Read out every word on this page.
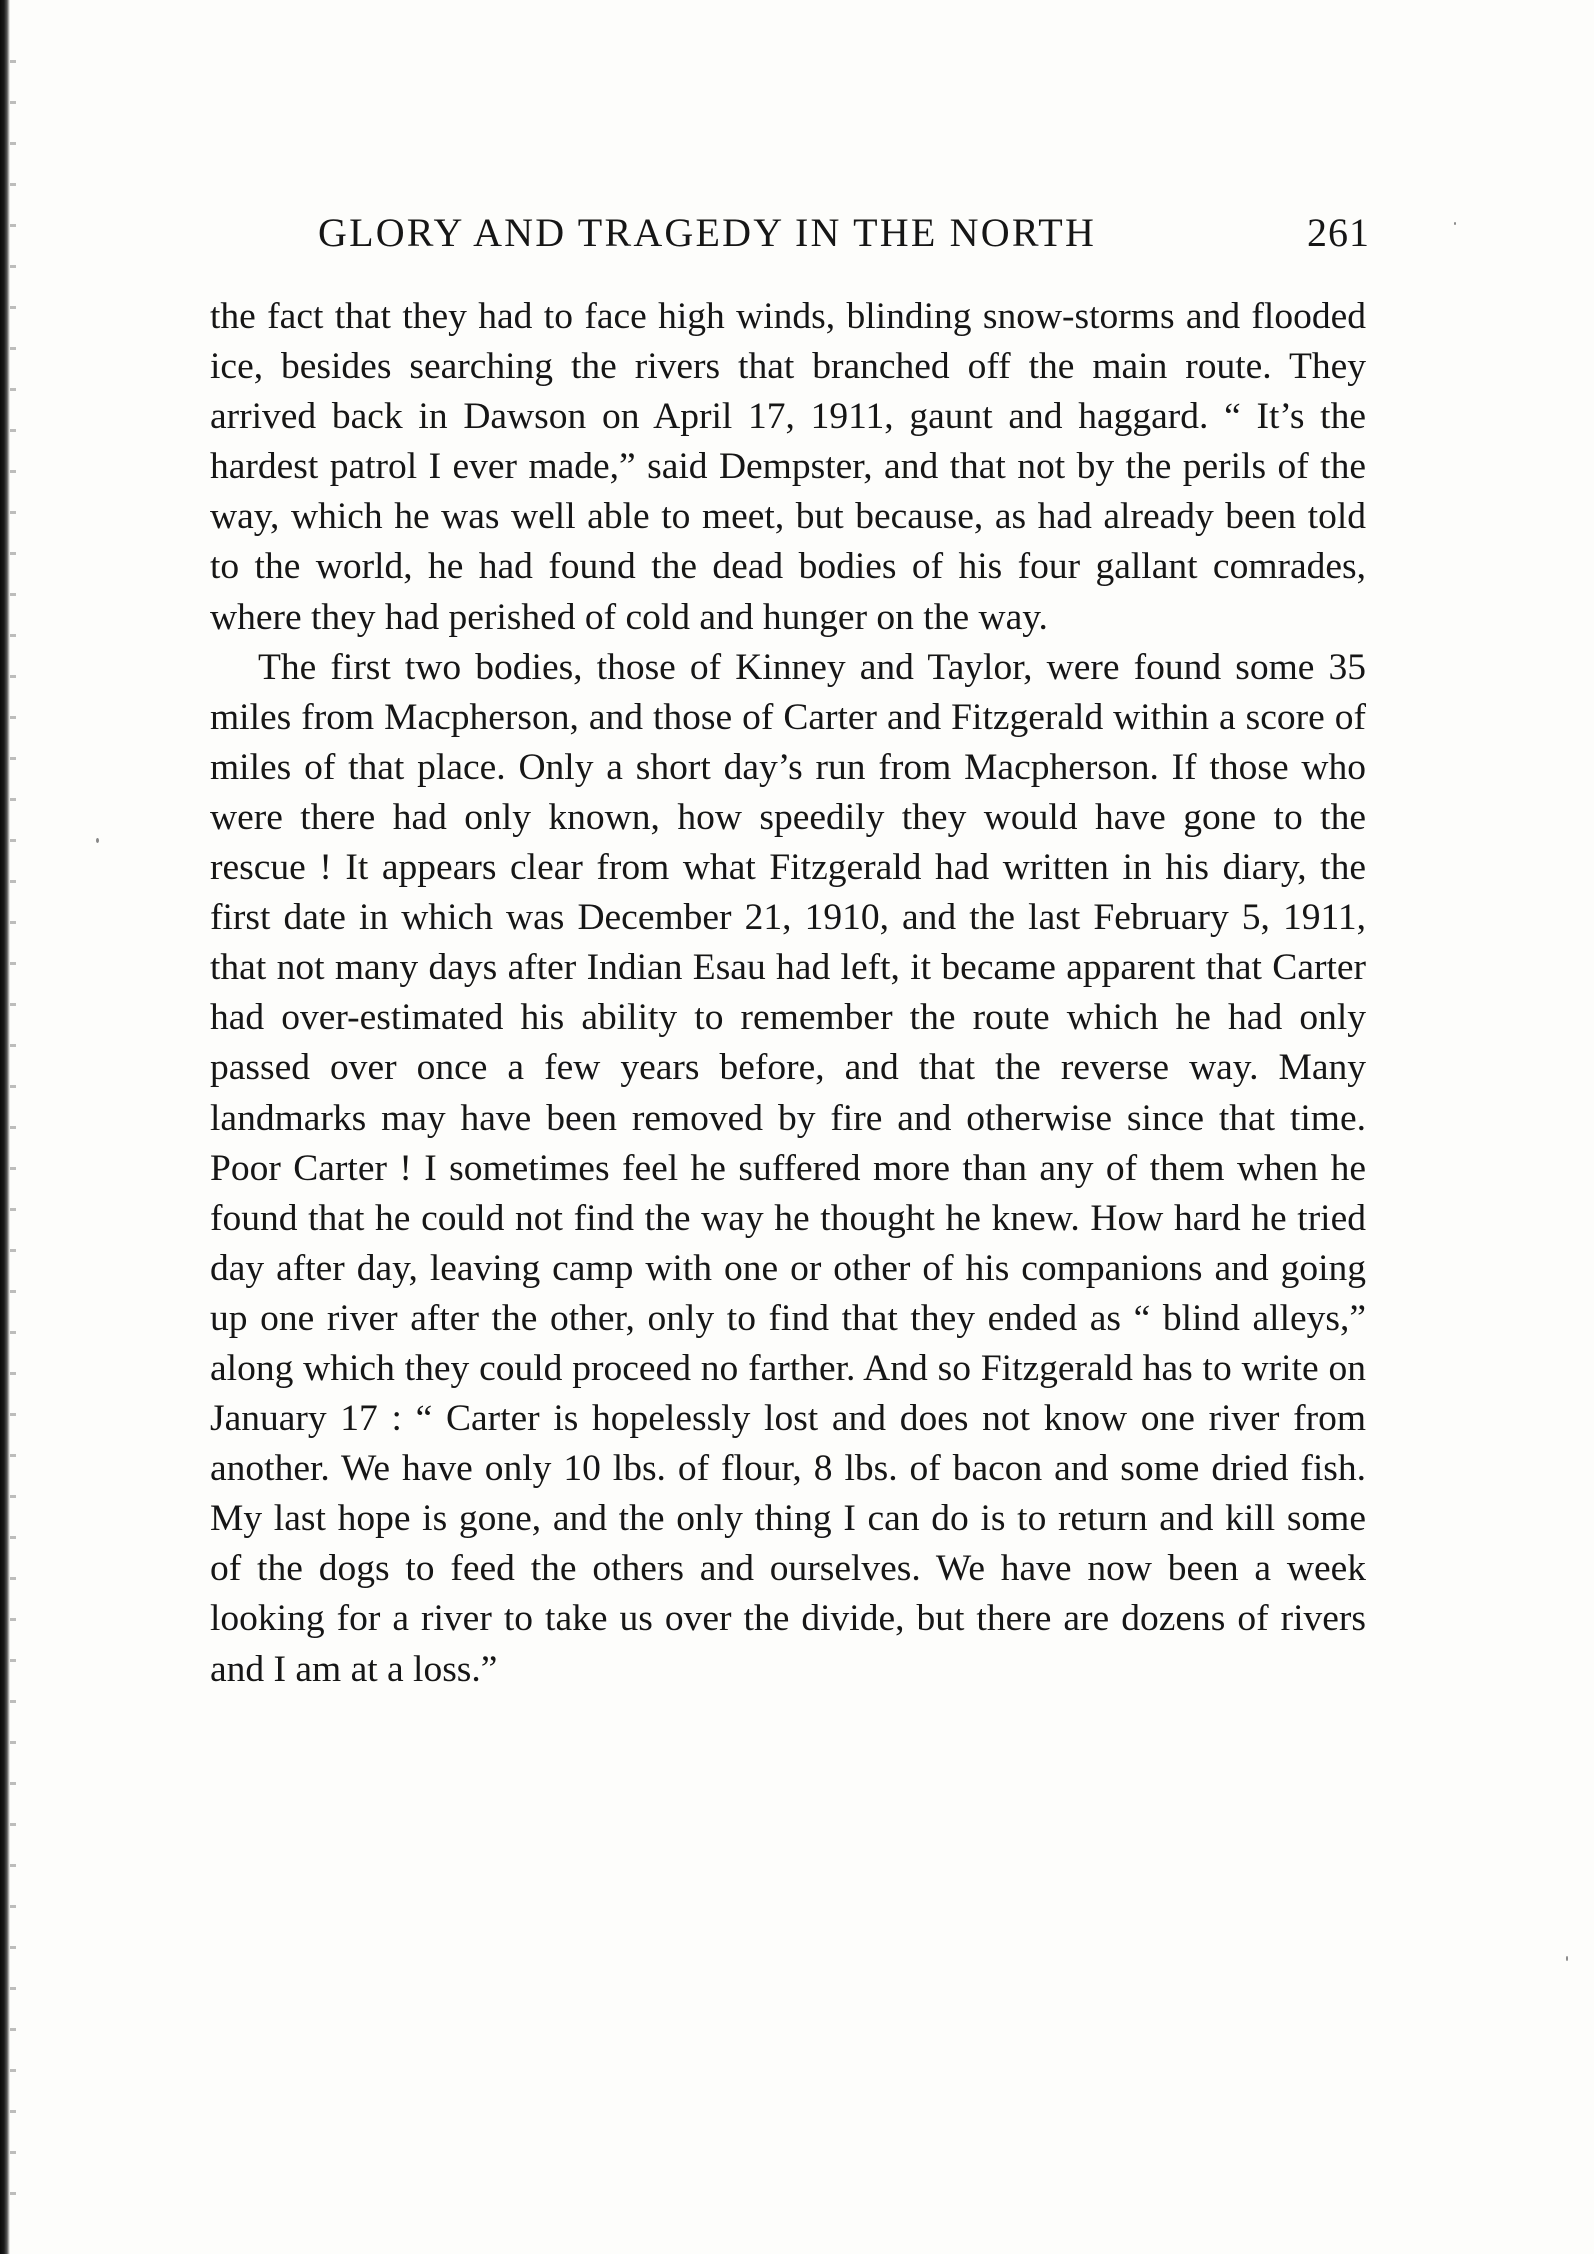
GLORY AND TRAGEDY IN THE NORTH	261

the fact that they had to face high winds, blinding snow-storms and flooded ice, besides searching the rivers that branched off the main route. They arrived back in Dawson on April 17, 1911, gaunt and haggard. “ It’s the hardest patrol I ever made,” said Dempster, and that not by the perils of the way, which he was well able to meet, but because, as had already been told to the world, he had found the dead bodies of his four gallant comrades, where they had perished of cold and hunger on the way.

The first two bodies, those of Kinney and Taylor, were found some 35 miles from Macpherson, and those of Carter and Fitzgerald within a score of miles of that place. Only a short day’s run from Macpherson. If those who were there had only known, how speedily they would have gone to the rescue ! It appears clear from what Fitzgerald had written in his diary, the first date in which was December 21, 1910, and the last February 5, 1911, that not many days after Indian Esau had left, it became apparent that Carter had over-estimated his ability to remember the route which he had only passed over once a few years before, and that the reverse way. Many landmarks may have been removed by fire and otherwise since that time. Poor Carter ! I sometimes feel he suffered more than any of them when he found that he could not find the way he thought he knew. How hard he tried day after day, leaving camp with one or other of his companions and going up one river after the other, only to find that they ended as “ blind alleys,” along which they could proceed no farther. And so Fitzgerald has to write on January 17 : “ Carter is hopelessly lost and does not know one river from another. We have only 10 lbs. of flour, 8 lbs. of bacon and some dried fish. My last hope is gone, and the only thing I can do is to return and kill some of the dogs to feed the others and ourselves. We have now been a week looking for a river to take us over the divide, but there are dozens of rivers and I am at a loss.”
